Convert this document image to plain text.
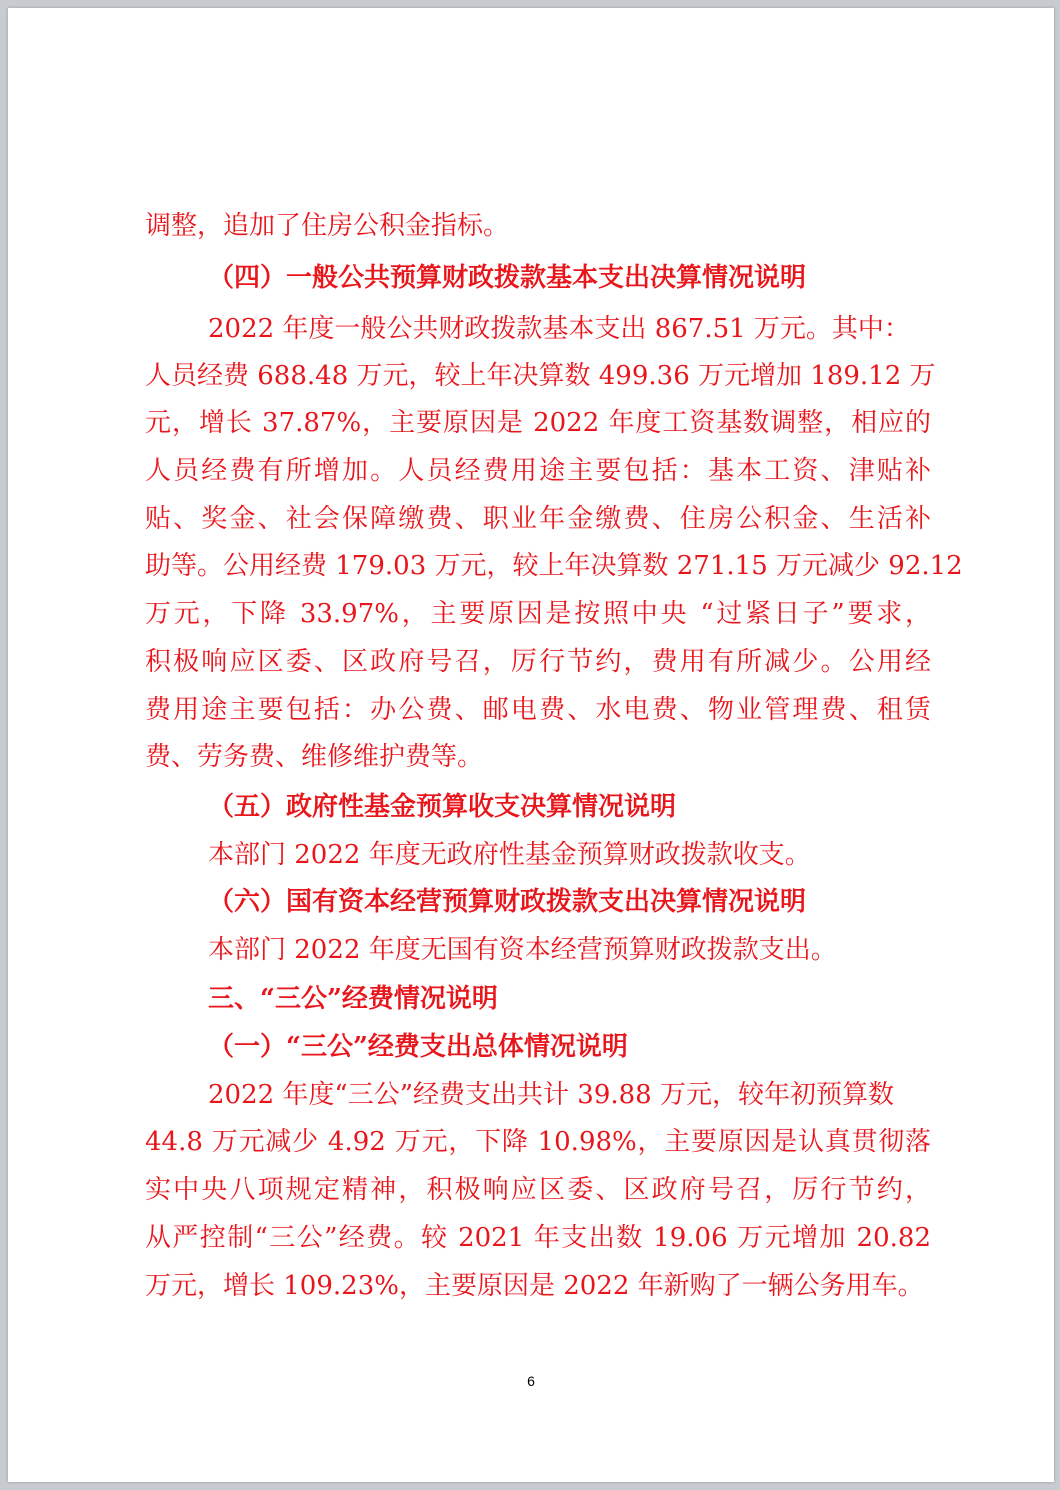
调整，追加了住房公积金指标。
（四）一般公共预算财政拨款基本支出决算情况说明
2022 年度一般公共财政拨款基本支出 867.51 万元。其中：
人员经费 688.48 万元，较上年决算数 499.36 万元增加 189.12 万
元，增长 37.87%，主要原因是 2022 年度工资基数调整，相应的
人员经费有所增加。人员经费用途主要包括：基本工资、津贴补
贴、奖金、社会保障缴费、职业年金缴费、住房公积金、生活补
助等。公用经费 179.03 万元，较上年决算数 271.15 万元减少 92.12
万元，下降 33.97%，主要原因是按照中央 “过紧日子”要求，
积极响应区委、区政府号召，厉行节约，费用有所减少。公用经
费用途主要包括：办公费、邮电费、水电费、物业管理费、租赁
费、劳务费、维修维护费等。
（五）政府性基金预算收支决算情况说明
本部门 2022 年度无政府性基金预算财政拨款收支。
（六）国有资本经营预算财政拨款支出决算情况说明
本部门 2022 年度无国有资本经营预算财政拨款支出。
三、“三公”经费情况说明
（一）“三公”经费支出总体情况说明
2022 年度“三公”经费支出共计 39.88 万元，较年初预算数
44.8 万元减少 4.92 万元，下降 10.98%，主要原因是认真贯彻落
实中央八项规定精神，积极响应区委、区政府号召，厉行节约，
从严控制“三公”经费。较 2021 年支出数 19.06 万元增加 20.82
万元，增长 109.23%，主要原因是 2022 年新购了一辆公务用车。
6
